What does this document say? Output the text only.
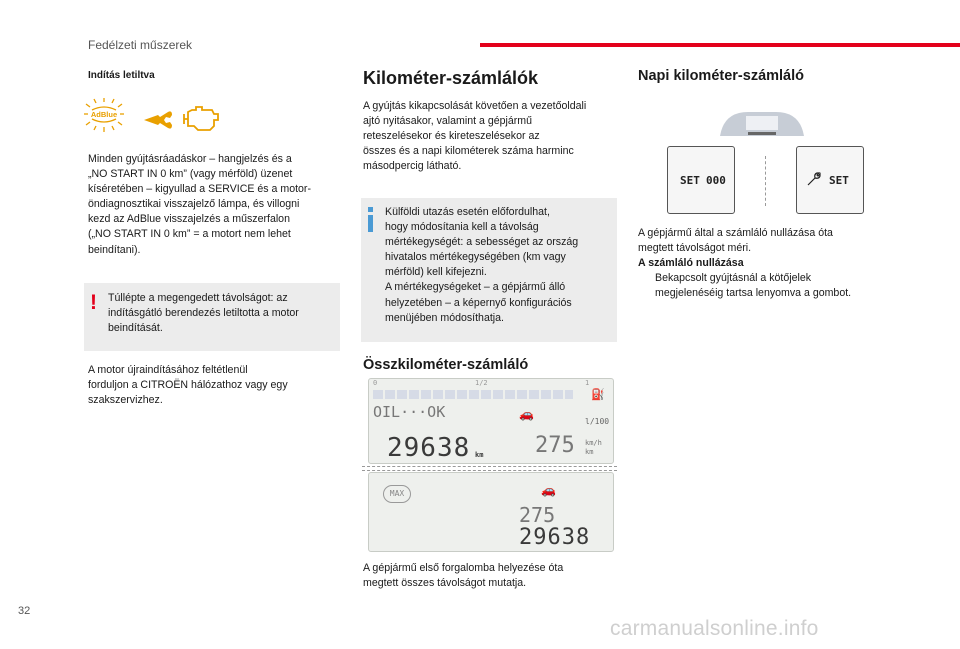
Fedélzeti műszerek
Indítás letiltva
AdBlue
Minden gyújtásráadáskor – hangjelzés és a
„NO START IN 0 km” (vagy mérföld) üzenet
kíséretében – kigyullad a SERVICE és a motor-
öndiagnosztikai visszajelző lámpa, és villogni
kezd az AdBlue visszajelzés a műszerfalon
(„NO START IN 0 km” = a motort nem lehet
beindítani).
! Túllépte a megengedett távolságot: az
indításgátló berendezés letiltotta a motor
beindítását.
A motor újraindításához feltétlenül
forduljon a CITROËN hálózathoz vagy egy
szakszervizhez.
Kilométer-számlálók
A gyújtás kikapcsolását követően a vezetőoldali
ajtó nyitásakor, valamint a gépjármű
reteszelésekor és kireteszelésekor az
összes és a napi kilométerek száma harminc
másodpercig látható.
Külföldi utazás esetén előfordulhat,
hogy módosítania kell a távolság
mértékegységét: a sebességet az ország
hivatalos mértékegységében (km vagy
mérföld) kell kifejezni.
A mértékegységeket – a gépjármű álló
helyzetében – a képernyő konfigurációs
menüjében módosíthatja.
Összkilométer-számláló
0	1/2	1
⛽
OIL···OK	🚗
l/100
29638 km 275 km/h
km
MAX	🚗
275
29638
A gépjármű első forgalomba helyezése óta
megtett összes távolságot mutatja.
Napi kilométer-számláló
SET 000	SET
A gépjármű által a számláló nullázása óta
megtett távolságot méri.
A számláló nullázása
Bekapcsolt gyújtásnál a kötőjelek
megjelenéséig tartsa lenyomva a gombot.
32
carmanualsonline.info
